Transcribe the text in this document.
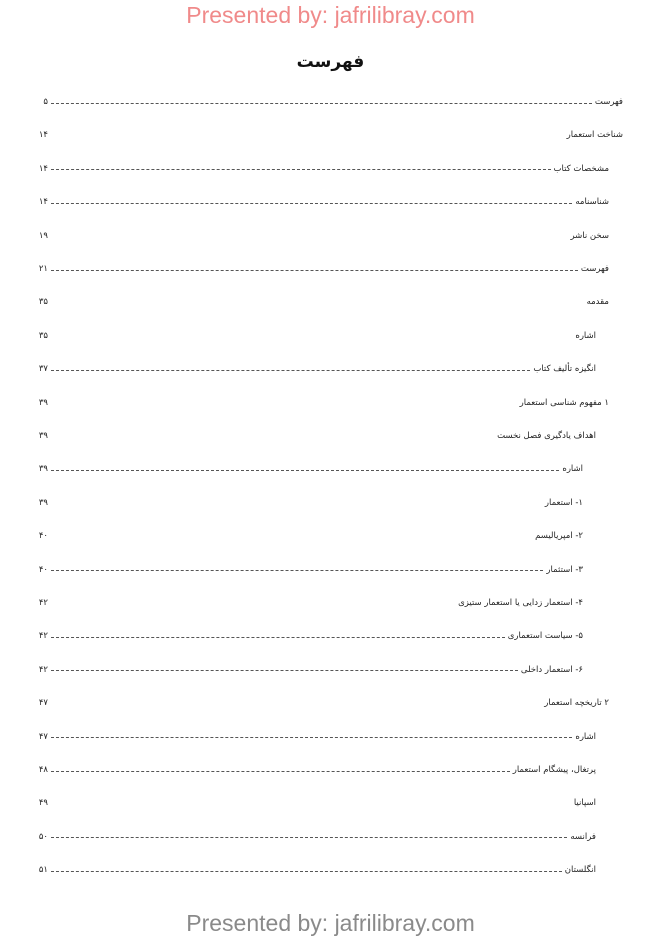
Presented by: jafrilibray.com
فهرست
فهرست
۵
شناخت استعمار
۱۴
مشخصات کتاب
۱۴
شناسنامه
۱۴
سخن ناشر
۱۹
فهرست
۲۱
مقدمه
۳۵
اشاره
۳۵
انگیزه تألیف کتاب
۳۷
۱ مفهوم شناسی استعمار
۳۹
اهداف یادگیری فصل نخست
۳۹
اشاره
۳۹
۱- استعمار
۳۹
۲- امپریالیسم
۴۰
۳- استثمار
۴۰
۴- استعمار زدایی یا استعمار ستیزی
۴۲
۵- سیاست استعماری
۴۲
۶- استعمار داخلی
۴۲
۲ تاریخچه استعمار
۴۷
اشاره
۴۷
پرتغال، پیشگام استعمار
۴۸
اسپانیا
۴۹
فرانسه
۵۰
انگلستان
۵۱
Presented by: jafrilibray.com
